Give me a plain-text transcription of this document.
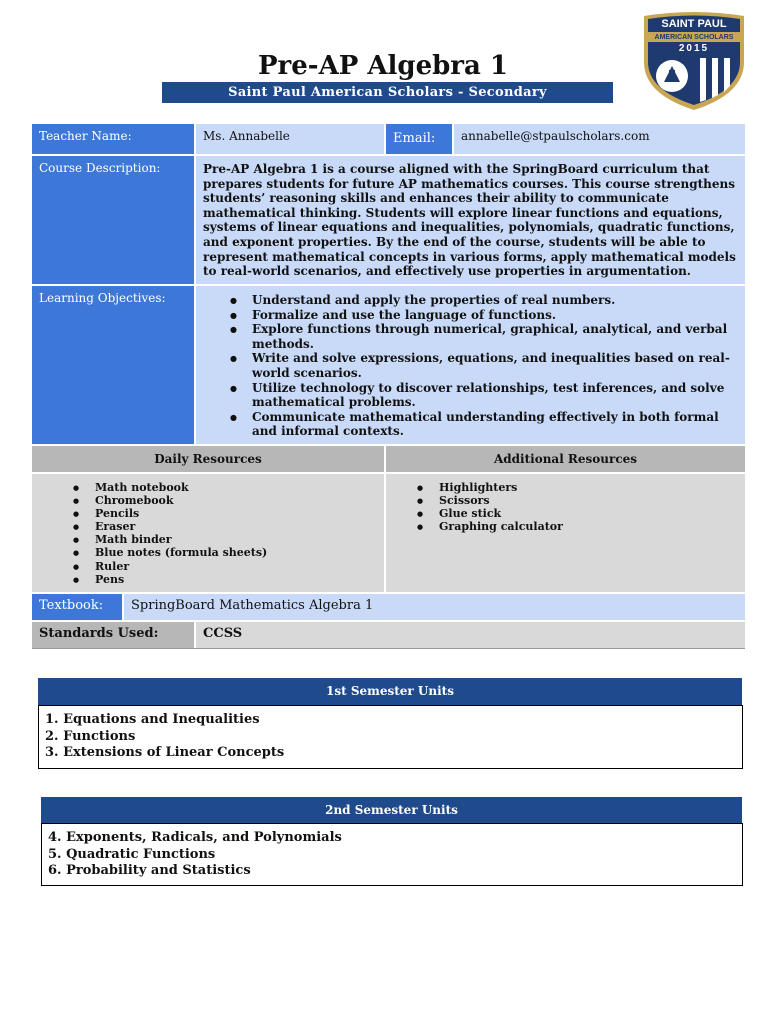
Pre-AP Algebra 1
Saint Paul American Scholars - Secondary
SAINT PAUL
AMERICAN SCHOLARS
2015
Teacher Name:	Ms. Annabelle	Email:	annabelle@stpaulscholars.com
Course Description:	Pre-AP Algebra 1 is a course aligned with the SpringBoard curriculum that prepares students for future AP mathematics courses. This course strengthens students’ reasoning skills and enhances their ability to communicate mathematical thinking. Students will explore linear functions and equations, systems of linear equations and inequalities, polynomials, quadratic functions, and exponent properties. By the end of the course, students will be able to represent mathematical concepts in various forms, apply mathematical models to real-world scenarios, and effectively use properties in argumentation.
Learning Objectives:
●	Understand and apply the properties of real numbers.
● Formalize and use the language of functions.
● Explore functions through numerical, graphical, analytical, and verbal methods.
● Write and solve expressions, equations, and inequalities based on real-world scenarios.
● Utilize technology to discover relationships, test inferences, and solve mathematical problems.
● Communicate mathematical understanding effectively in both formal and informal contexts.
Daily Resources	Additional Resources
● Math notebook
● Chromebook
● Pencils
● Eraser
● Math binder
● Blue notes (formula sheets)
● Ruler
● Pens
● Highlighters
● Scissors
● Glue stick
● Graphing calculator
Textbook:	SpringBoard Mathematics Algebra 1
Standards Used:	CCSS
1st Semester Units
1. Equations and Inequalities
2. Functions
3. Extensions of Linear Concepts
2nd Semester Units
4. Exponents, Radicals, and Polynomials
5. Quadratic Functions
6. Probability and Statistics
